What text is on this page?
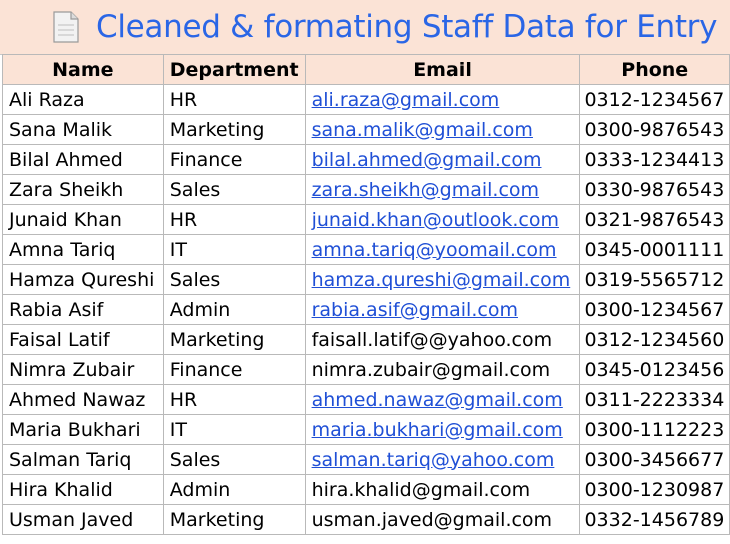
Cleaned & formating Staff Data for Entry
Name	Department	Email	Phone
Ali Raza	HR	ali.raza@gmail.com	0312-1234567
Sana Malik	Marketing	sana.malik@gmail.com	0300-9876543
Bilal Ahmed	Finance	bilal.ahmed@gmail.com	0333-1234413
Zara Sheikh	Sales	zara.sheikh@gmail.com	0330-9876543
Junaid Khan	HR	junaid.khan@outlook.com	0321-9876543
Amna Tariq	IT	amna.tariq@yoomail.com	0345-0001111
Hamza Qureshi	Sales	hamza.qureshi@gmail.com	0319-5565712
Rabia Asif	Admin	rabia.asif@gmail.com	0300-1234567
Faisal Latif	Marketing	faisall.latif@@yahoo.com	0312-1234560
Nimra Zubair	Finance	nimra.zubair@gmail.com	0345-0123456
Ahmed Nawaz	HR	ahmed.nawaz@gmail.com	0311-2223334
Maria Bukhari	IT	maria.bukhari@gmail.com	0300-1112223
Salman Tariq	Sales	salman.tariq@yahoo.com	0300-3456677
Hira Khalid	Admin	hira.khalid@gmail.com	0300-1230987
Usman Javed	Marketing	usman.javed@gmail.com	0332-1456789
